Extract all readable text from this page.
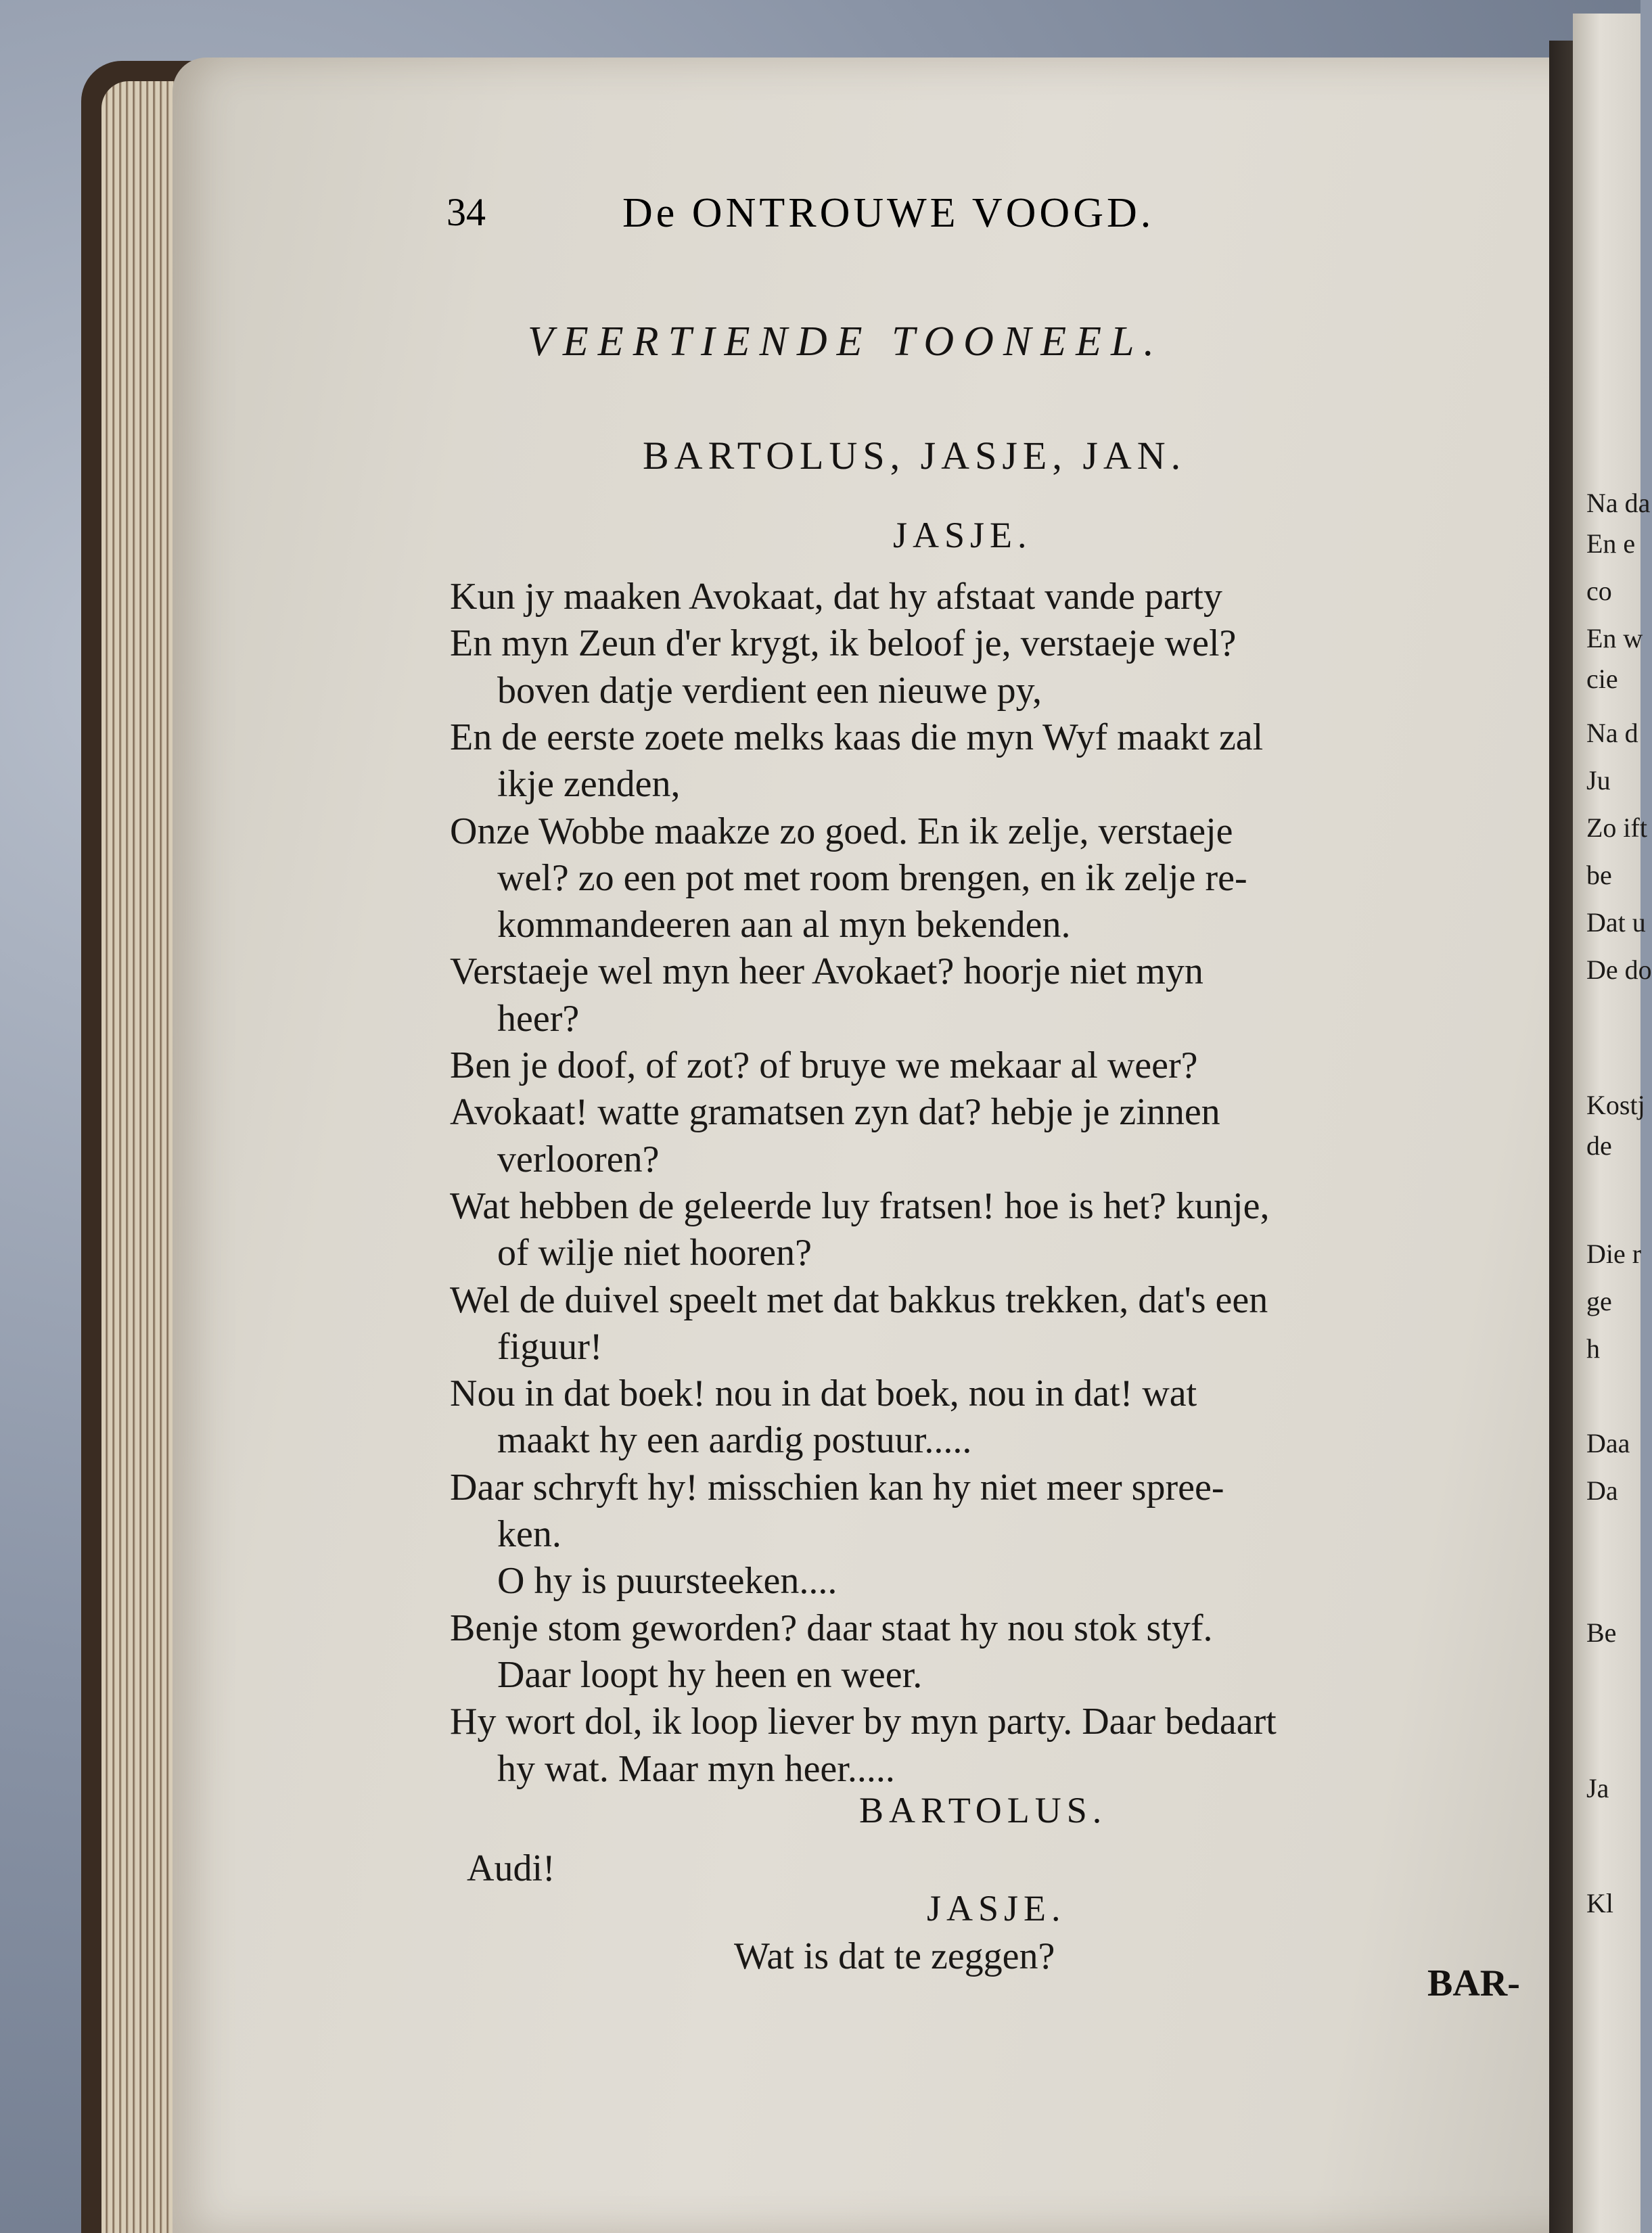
Na da
En e
co
En w
cie
Na d
Ju
Zo ift
be
Dat u
De do
Kostj
de
Die r
ge
h
Daa
Da
Be
Ja
Kl
34	De ONTROUWE VOOGD.
VEERTIENDE TOONEEL.
BARTOLUS, JASJE, JAN.
JASJE.
Kun jy maaken Avokaat, dat hy afstaat vande party
En myn Zeun d'er krygt, ik beloof je, verstaeje wel?
boven datje verdient een nieuwe py,
En de eerste zoete melks kaas die myn Wyf maakt zal
ikje zenden,
Onze Wobbe maakze zo goed. En ik zelje, verstaeje
wel? zo een pot met room brengen, en ik zelje re-
kommandeeren aan al myn bekenden.
Verstaeje wel myn heer Avokaet? hoorje niet myn
heer?
Ben je doof, of zot? of bruye we mekaar al weer?
Avokaat! watte gramatsen zyn dat? hebje je zinnen
verlooren?
Wat hebben de geleerde luy fratsen! hoe is het? kunje,
of wilje niet hooren?
Wel de duivel speelt met dat bakkus trekken, dat's een
figuur!
Nou in dat boek! nou in dat boek, nou in dat! wat
maakt hy een aardig postuur.....
Daar schryft hy! misschien kan hy niet meer spree-
ken.
O hy is puursteeken....
Benje stom geworden? daar staat hy nou stok styf.
Daar loopt hy heen en weer.
Hy wort dol, ik loop liever by myn party. Daar bedaart
hy wat. Maar myn heer.....
BARTOLUS.
Audi!
JASJE.
Wat is dat te zeggen?
BAR-
